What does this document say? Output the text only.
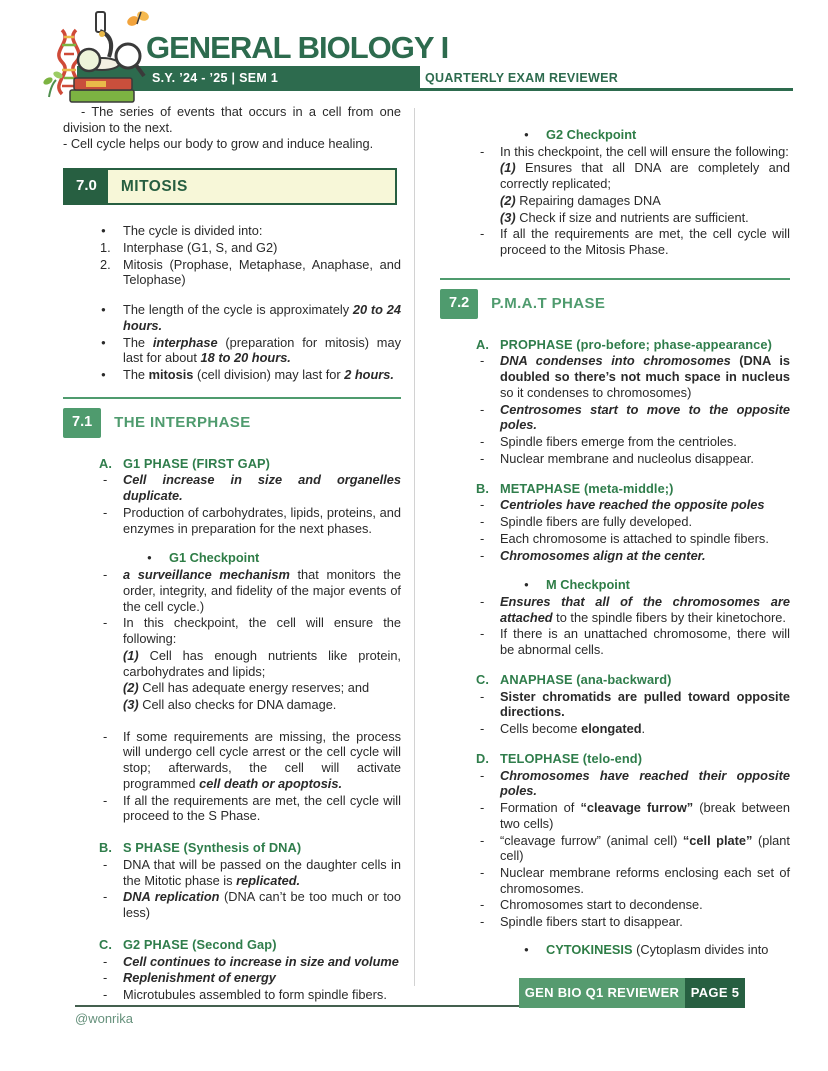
GENERAL BIOLOGY I
S.Y. ’24 - ’25 | SEM 1	QUARTERLY EXAM REVIEWER
- The series of events that occurs in a cell from one division to the next.
- Cell cycle helps our body to grow and induce healing.
7.0	MITOSIS
● The cycle is divided into:
1. Interphase (G1, S, and G2)
2. Mitosis (Prophase, Metaphase, Anaphase, and Telophase)
● The length of the cycle is approximately 20 to 24 hours.
● The interphase (preparation for mitosis) may last for about 18 to 20 hours.
● The mitosis (cell division) may last for 2 hours.
7.1	THE INTERPHASE
A. G1 PHASE (FIRST GAP)
- Cell increase in size and organelles duplicate.
- Production of carbohydrates, lipids, proteins, and enzymes in preparation for the next phases.
● G1 Checkpoint
- a surveillance mechanism that monitors the order, integrity, and fidelity of the major events of the cell cycle.)
- In this checkpoint, the cell will ensure the following:
(1) Cell has enough nutrients like protein, carbohydrates and lipids;
(2) Cell has adequate energy reserves; and
(3) Cell also checks for DNA damage.
- If some requirements are missing, the process will undergo cell cycle arrest or the cell cycle will stop; afterwards, the cell will activate programmed cell death or apoptosis.
- If all the requirements are met, the cell cycle will proceed to the S Phase.
B. S PHASE (Synthesis of DNA)
- DNA that will be passed on the daughter cells in the Mitotic phase is replicated.
- DNA replication (DNA can’t be too much or too less)
C. G2 PHASE (Second Gap)
- Cell continues to increase in size and volume
- Replenishment of energy
- Microtubules assembled to form spindle fibers.
● G2 Checkpoint
- In this checkpoint, the cell will ensure the following:
(1) Ensures that all DNA are completely and correctly replicated;
(2) Repairing damages DNA
(3) Check if size and nutrients are sufficient.
- If all the requirements are met, the cell cycle will proceed to the Mitosis Phase.
7.2	P.M.A.T PHASE
A. PROPHASE (pro-before; phase-appearance)
- DNA condenses into chromosomes (DNA is doubled so there’s not much space in nucleus so it condenses to chromosomes)
- Centrosomes start to move to the opposite poles.
- Spindle fibers emerge from the centrioles.
- Nuclear membrane and nucleolus disappear.
B. METAPHASE (meta-middle;)
- Centrioles have reached the opposite poles
- Spindle fibers are fully developed.
- Each chromosome is attached to spindle fibers.
- Chromosomes align at the center.
● M Checkpoint
- Ensures that all of the chromosomes are attached to the spindle fibers by their kinetochore.
- If there is an unattached chromosome, there will be abnormal cells.
C. ANAPHASE (ana-backward)
- Sister chromatids are pulled toward opposite directions.
- Cells become elongated.
D. TELOPHASE (telo-end)
- Chromosomes have reached their opposite poles.
- Formation of “cleavage furrow” (break between two cells)
- “cleavage furrow” (animal cell) “cell plate” (plant cell)
- Nuclear membrane reforms enclosing each set of chromosomes.
- Chromosomes start to decondense.
- Spindle fibers start to disappear.
● CYTOKINESIS (Cytoplasm divides into
GEN BIO Q1 REVIEWER PAGE 5
@wonrika
